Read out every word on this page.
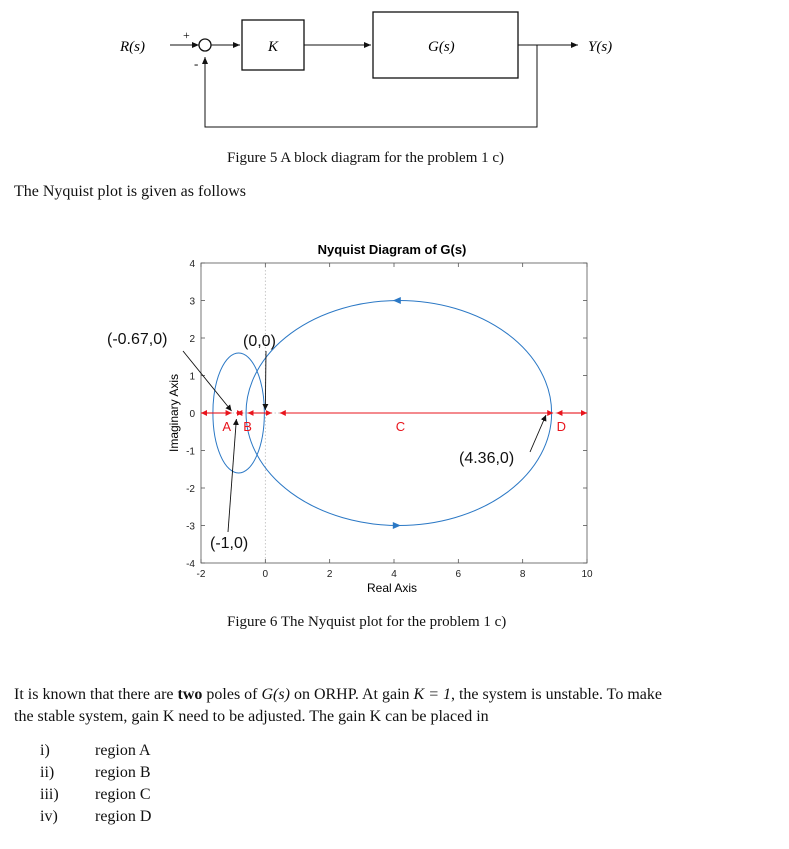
R(s)
+
-
K	G(s)	Y(s)
Figure 5 A block diagram for the problem 1 c)
The Nyquist plot is given as follows
Nyquist Diagram of G(s)
-2	0	2	4	6	8	10
4
3
2
1
0
-1
-2
-3
-4
A B	C	D
(-0.67,0)	(0,0)
(-1,0)
(4.36,0)
Real Axis
Imaginary Axis
Figure 6 The Nyquist plot for the problem 1 c)
It is known that there are two poles of G(s) on ORHP. At gain K = 1, the system is unstable. To make
the stable system, gain K need to be adjusted. The gain K can be placed in
i)	region A
ii)	region B
iii) region C
iv) region D
